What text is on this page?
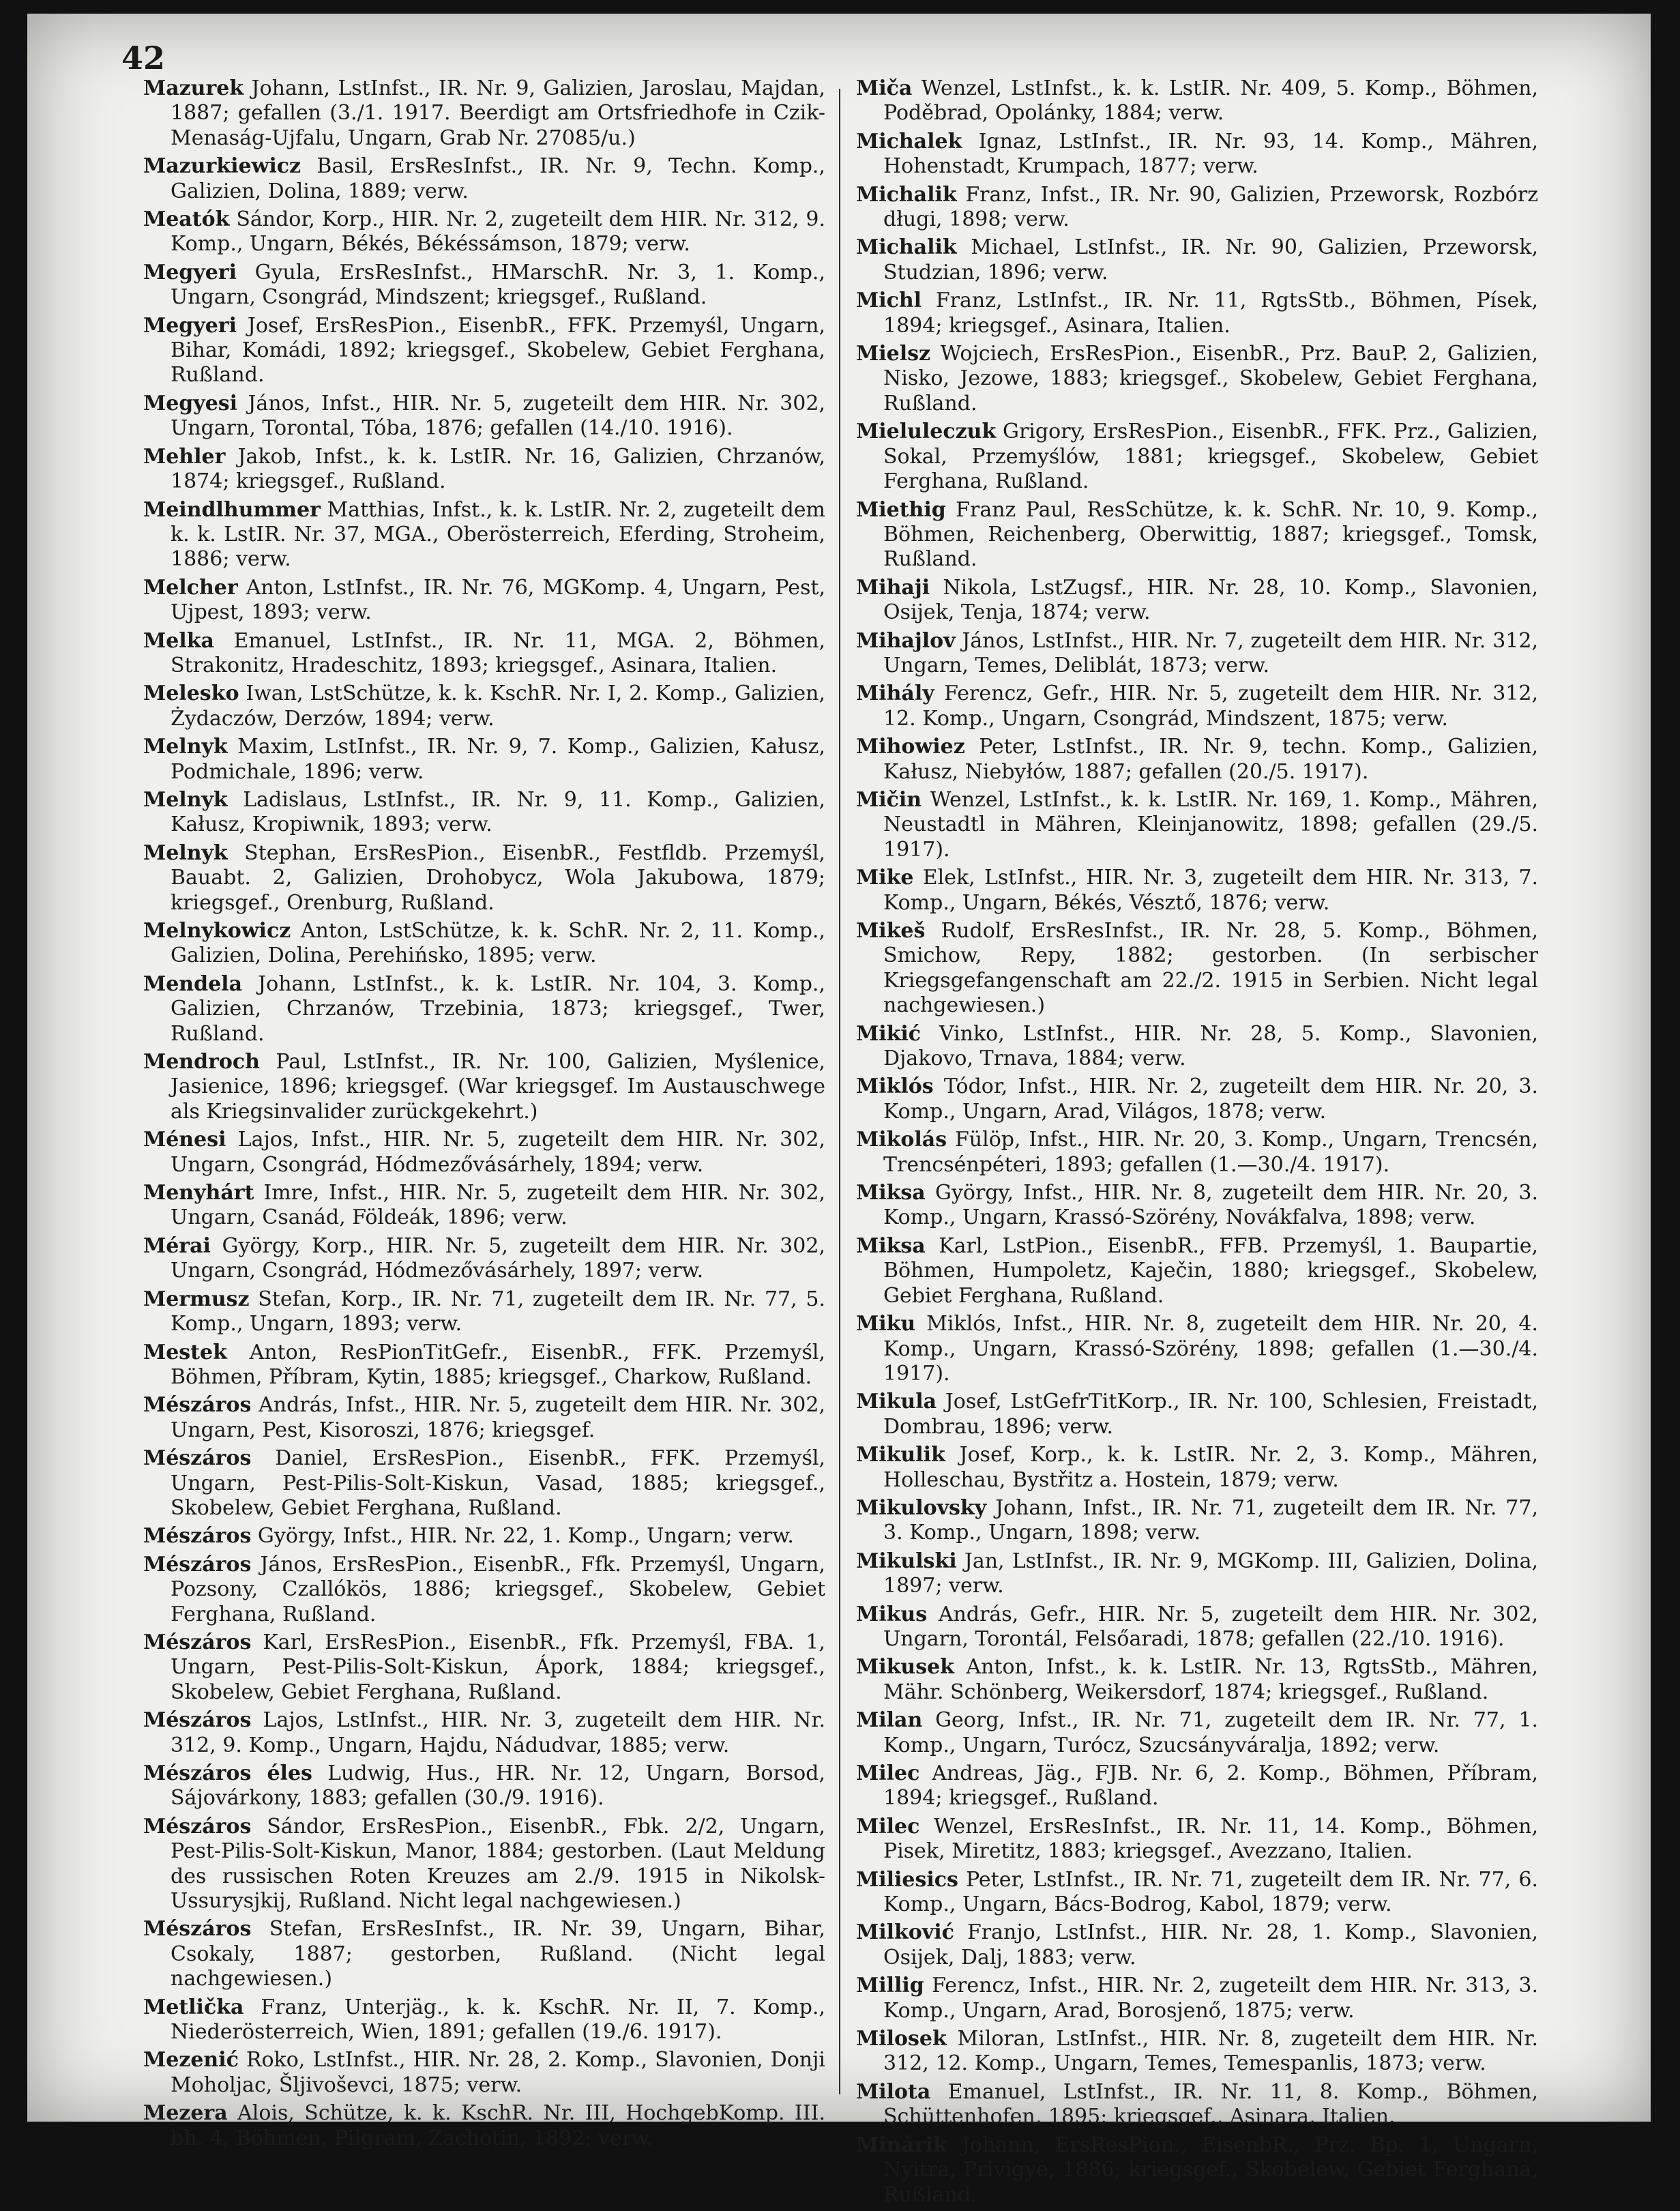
42

Mazurek Johann, LstInfst., IR. Nr. 9, Galizien, Jaroslau, Majdan, 1887; gefallen (3./1. 1917. Beerdigt am Ortsfriedhofe in Czik-Menaság-Ujfalu, Ungarn, Grab Nr. 27085/u.)

Mazurkiewicz Basil, ErsResInfst., IR. Nr. 9, Techn. Komp., Galizien, Dolina, 1889; verw.

Meatók Sándor, Korp., HIR. Nr. 2, zugeteilt dem HIR. Nr. 312, 9. Komp., Ungarn, Békés, Békéssámson, 1879; verw.

Megyeri Gyula, ErsResInfst., HMarschR. Nr. 3, 1. Komp., Ungarn, Csongrád, Mindszent; kriegsgef., Rußland.

Megyeri Josef, ErsResPion., EisenbR., FFK. Przemyśl, Ungarn, Bihar, Komádi, 1892; kriegsgef., Skobelew, Gebiet Ferghana, Rußland.

Megyesi János, Infst., HIR. Nr. 5, zugeteilt dem HIR. Nr. 302, Ungarn, Torontal, Tóba, 1876; gefallen (14./10. 1916).

Mehler Jakob, Infst., k. k. LstIR. Nr. 16, Galizien, Chrzanów, 1874; kriegsgef., Rußland.

Meindlhummer Matthias, Infst., k. k. LstIR. Nr. 2, zugeteilt dem k. k. LstIR. Nr. 37, MGA., Oberösterreich, Eferding, Stroheim, 1886; verw.

Melcher Anton, LstInfst., IR. Nr. 76, MGKomp. 4, Ungarn, Pest, Ujpest, 1893; verw.

Melka Emanuel, LstInfst., IR. Nr. 11, MGA. 2, Böhmen, Strakonitz, Hradeschitz, 1893; kriegsgef., Asinara, Italien.

Melesko Iwan, LstSchütze, k. k. KschR. Nr. I, 2. Komp., Galizien, Żydaczów, Derzów, 1894; verw.

Melnyk Maxim, LstInfst., IR. Nr. 9, 7. Komp., Galizien, Kałusz, Podmichale, 1896; verw.

Melnyk Ladislaus, LstInfst., IR. Nr. 9, 11. Komp., Galizien, Kałusz, Kropiwnik, 1893; verw.

Melnyk Stephan, ErsResPion., EisenbR., Festfldb. Przemyśl, Bauabt. 2, Galizien, Drohobycz, Wola Jakubowa, 1879; kriegsgef., Orenburg, Rußland.

Melnykowicz Anton, LstSchütze, k. k. SchR. Nr. 2, 11. Komp., Galizien, Dolina, Perehińsko, 1895; verw.

Mendela Johann, LstInfst., k. k. LstIR. Nr. 104, 3. Komp., Galizien, Chrzanów, Trzebinia, 1873; kriegsgef., Twer, Rußland.

Mendroch Paul, LstInfst., IR. Nr. 100, Galizien, Myślenice, Jasienice, 1896; kriegsgef. (War kriegsgef. Im Austauschwege als Kriegsinvalider zurückgekehrt.)

Ménesi Lajos, Infst., HIR. Nr. 5, zugeteilt dem HIR. Nr. 302, Ungarn, Csongrád, Hódmezővásárhely, 1894; verw.

Menyhárt Imre, Infst., HIR. Nr. 5, zugeteilt dem HIR. Nr. 302, Ungarn, Csanád, Földeák, 1896; verw.

Mérai György, Korp., HIR. Nr. 5, zugeteilt dem HIR. Nr. 302, Ungarn, Csongrád, Hódmezővásárhely, 1897; verw.

Mermusz Stefan, Korp., IR. Nr. 71, zugeteilt dem IR. Nr. 77, 5. Komp., Ungarn, 1893; verw.

Mestek Anton, ResPionTitGefr., EisenbR., FFK. Przemyśl, Böhmen, Příbram, Kytin, 1885; kriegsgef., Charkow, Rußland.

Mészáros András, Infst., HIR. Nr. 5, zugeteilt dem HIR. Nr. 302, Ungarn, Pest, Kisoroszi, 1876; kriegsgef.

Mészáros Daniel, ErsResPion., EisenbR., FFK. Przemyśl, Ungarn, Pest-Pilis-Solt-Kiskun, Vasad, 1885; kriegsgef., Skobelew, Gebiet Ferghana, Rußland.

Mészáros György, Infst., HIR. Nr. 22, 1. Komp., Ungarn; verw.

Mészáros János, ErsResPion., EisenbR., Ffk. Przemyśl, Ungarn, Pozsony, Czallókös, 1886; kriegsgef., Skobelew, Gebiet Ferghana, Rußland.

Mészáros Karl, ErsResPion., EisenbR., Ffk. Przemyśl, FBA. 1, Ungarn, Pest-Pilis-Solt-Kiskun, Ápork, 1884; kriegsgef., Skobelew, Gebiet Ferghana, Rußland.

Mészáros Lajos, LstInfst., HIR. Nr. 3, zugeteilt dem HIR. Nr. 312, 9. Komp., Ungarn, Hajdu, Nádudvar, 1885; verw.

Mészáros éles Ludwig, Hus., HR. Nr. 12, Ungarn, Borsod, Sájovárkony, 1883; gefallen (30./9. 1916).

Mészáros Sándor, ErsResPion., EisenbR., Fbk. 2/2, Ungarn, Pest-Pilis-Solt-Kiskun, Manor, 1884; gestorben. (Laut Meldung des russischen Roten Kreuzes am 2./9. 1915 in Nikolsk-Ussurysjkij, Rußland. Nicht legal nachgewiesen.)

Mészáros Stefan, ErsResInfst., IR. Nr. 39, Ungarn, Bihar, Csokaly, 1887; gestorben, Rußland. (Nicht legal nachgewiesen.)

Metlička Franz, Unterjäg., k. k. KschR. Nr. II, 7. Komp., Niederösterreich, Wien, 1891; gefallen (19./6. 1917).

Mezenić Roko, LstInfst., HIR. Nr. 28, 2. Komp., Slavonien, Donji Moholjac, Šljivoševci, 1875; verw.

Mezera Alois, Schütze, k. k. KschR. Nr. III, HochgebKomp. III. bh. 4, Böhmen, Pilgram, Zachotin, 1892; verw.

Miča Wenzel, LstInfst., k. k. LstIR. Nr. 409, 5. Komp., Böhmen, Poděbrad, Opolánky, 1884; verw.

Michalek Ignaz, LstInfst., IR. Nr. 93, 14. Komp., Mähren, Hohenstadt, Krumpach, 1877; verw.

Michalik Franz, Infst., IR. Nr. 90, Galizien, Przeworsk, Rozbórz długi, 1898; verw.

Michalik Michael, LstInfst., IR. Nr. 90, Galizien, Przeworsk, Studzian, 1896; verw.

Michl Franz, LstInfst., IR. Nr. 11, RgtsStb., Böhmen, Písek, 1894; kriegsgef., Asinara, Italien.

Mielsz Wojciech, ErsResPion., EisenbR., Prz. BauP. 2, Galizien, Nisko, Jezowe, 1883; kriegsgef., Skobelew, Gebiet Ferghana, Rußland.

Mieluleczuk Grigory, ErsResPion., EisenbR., FFK. Prz., Galizien, Sokal, Przemyślów, 1881; kriegsgef., Skobelew, Gebiet Ferghana, Rußland.

Miethig Franz Paul, ResSchütze, k. k. SchR. Nr. 10, 9. Komp., Böhmen, Reichenberg, Oberwittig, 1887; kriegsgef., Tomsk, Rußland.

Mihaji Nikola, LstZugsf., HIR. Nr. 28, 10. Komp., Slavonien, Osijek, Tenja, 1874; verw.

Mihajlov János, LstInfst., HIR. Nr. 7, zugeteilt dem HIR. Nr. 312, Ungarn, Temes, Deliblát, 1873; verw.

Mihály Ferencz, Gefr., HIR. Nr. 5, zugeteilt dem HIR. Nr. 312, 12. Komp., Ungarn, Csongrád, Mindszent, 1875; verw.

Mihowiez Peter, LstInfst., IR. Nr. 9, techn. Komp., Galizien, Kałusz, Niebyłów, 1887; gefallen (20./5. 1917).

Mičin Wenzel, LstInfst., k. k. LstIR. Nr. 169, 1. Komp., Mähren, Neustadtl in Mähren, Kleinjanowitz, 1898; gefallen (29./5. 1917).

Mike Elek, LstInfst., HIR. Nr. 3, zugeteilt dem HIR. Nr. 313, 7. Komp., Ungarn, Békés, Vésztő, 1876; verw.

Mikeš Rudolf, ErsResInfst., IR. Nr. 28, 5. Komp., Böhmen, Smichow, Repy, 1882; gestorben. (In serbischer Kriegsgefangenschaft am 22./2. 1915 in Serbien. Nicht legal nachgewiesen.)

Mikić Vinko, LstInfst., HIR. Nr. 28, 5. Komp., Slavonien, Djakovo, Trnava, 1884; verw.

Miklós Tódor, Infst., HIR. Nr. 2, zugeteilt dem HIR. Nr. 20, 3. Komp., Ungarn, Arad, Világos, 1878; verw.

Mikolás Fülöp, Infst., HIR. Nr. 20, 3. Komp., Ungarn, Trencsén, Trencsénpéteri, 1893; gefallen (1.—30./4. 1917).

Miksa György, Infst., HIR. Nr. 8, zugeteilt dem HIR. Nr. 20, 3. Komp., Ungarn, Krassó-Szörény, Novákfalva, 1898; verw.

Miksa Karl, LstPion., EisenbR., FFB. Przemyśl, 1. Baupartie, Böhmen, Humpoletz, Kaječin, 1880; kriegsgef., Skobelew, Gebiet Ferghana, Rußland.

Miku Miklós, Infst., HIR. Nr. 8, zugeteilt dem HIR. Nr. 20, 4. Komp., Ungarn, Krassó-Szörény, 1898; gefallen (1.—30./4. 1917).

Mikula Josef, LstGefrTitKorp., IR. Nr. 100, Schlesien, Freistadt, Dombrau, 1896; verw.

Mikulik Josef, Korp., k. k. LstIR. Nr. 2, 3. Komp., Mähren, Holleschau, Bystřitz a. Hostein, 1879; verw.

Mikulovsky Johann, Infst., IR. Nr. 71, zugeteilt dem IR. Nr. 77, 3. Komp., Ungarn, 1898; verw.

Mikulski Jan, LstInfst., IR. Nr. 9, MGKomp. III, Galizien, Dolina, 1897; verw.

Mikus András, Gefr., HIR. Nr. 5, zugeteilt dem HIR. Nr. 302, Ungarn, Torontál, Felsőaradi, 1878; gefallen (22./10. 1916).

Mikusek Anton, Infst., k. k. LstIR. Nr. 13, RgtsStb., Mähren, Mähr. Schönberg, Weikersdorf, 1874; kriegsgef., Rußland.

Milan Georg, Infst., IR. Nr. 71, zugeteilt dem IR. Nr. 77, 1. Komp., Ungarn, Turócz, Szucsányváralja, 1892; verw.

Milec Andreas, Jäg., FJB. Nr. 6, 2. Komp., Böhmen, Příbram, 1894; kriegsgef., Rußland.

Milec Wenzel, ErsResInfst., IR. Nr. 11, 14. Komp., Böhmen, Pisek, Miretitz, 1883; kriegsgef., Avezzano, Italien.

Miliesics Peter, LstInfst., IR. Nr. 71, zugeteilt dem IR. Nr. 77, 6. Komp., Ungarn, Bács-Bodrog, Kabol, 1879; verw.

Milković Franjo, LstInfst., HIR. Nr. 28, 1. Komp., Slavonien, Osijek, Dalj, 1883; verw.

Millig Ferencz, Infst., HIR. Nr. 2, zugeteilt dem HIR. Nr. 313, 3. Komp., Ungarn, Arad, Borosjenő, 1875; verw.

Milosek Miloran, LstInfst., HIR. Nr. 8, zugeteilt dem HIR. Nr. 312, 12. Komp., Ungarn, Temes, Temespanlis, 1873; verw.

Milota Emanuel, LstInfst., IR. Nr. 11, 8. Komp., Böhmen, Schüttenhofen, 1895; kriegsgef., Asinara, Italien.

Minárik Johann, ErsResPion., EisenbR., Prz. Bp. 1, Ungarn, Nyitra, Privigye, 1886; kriegsgef., Skobelew, Gebiet Ferghana, Rußland.
